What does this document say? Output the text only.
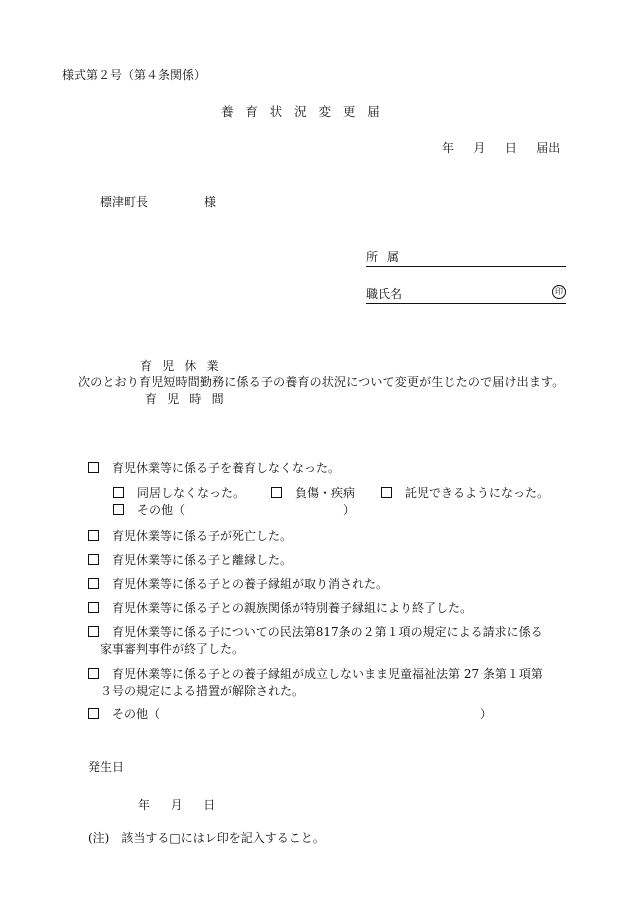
様式第２号（第４条関係）
養育状況変更届
年 月 日 届出
標津町長	様
所属
職氏名	印
育児休業
次のとおり育児短時間勤務に係る子の養育の状況について変更が生じたので届け出ます。
育児時間
育児休業等に係る子を養育しなくなった。
同居しなくなった。	負傷・疾病	託児できるようになった。
その他（	）
育児休業等に係る子が死亡した。
育児休業等に係る子と離縁した。
育児休業等に係る子との養子縁組が取り消された。
育児休業等に係る子との親族関係が特別養子縁組により終了した。
育児休業等に係る子についての民法第817条の２第１項の規定による請求に係る
家事審判事件が終了した。
育児休業等に係る子との養子縁組が成立しないまま児童福祉法第 27 条第１項第
３号の規定による措置が解除された。
その他（	）
発生日
年 月 日
(注) 該当する□にはレ印を記入すること。
